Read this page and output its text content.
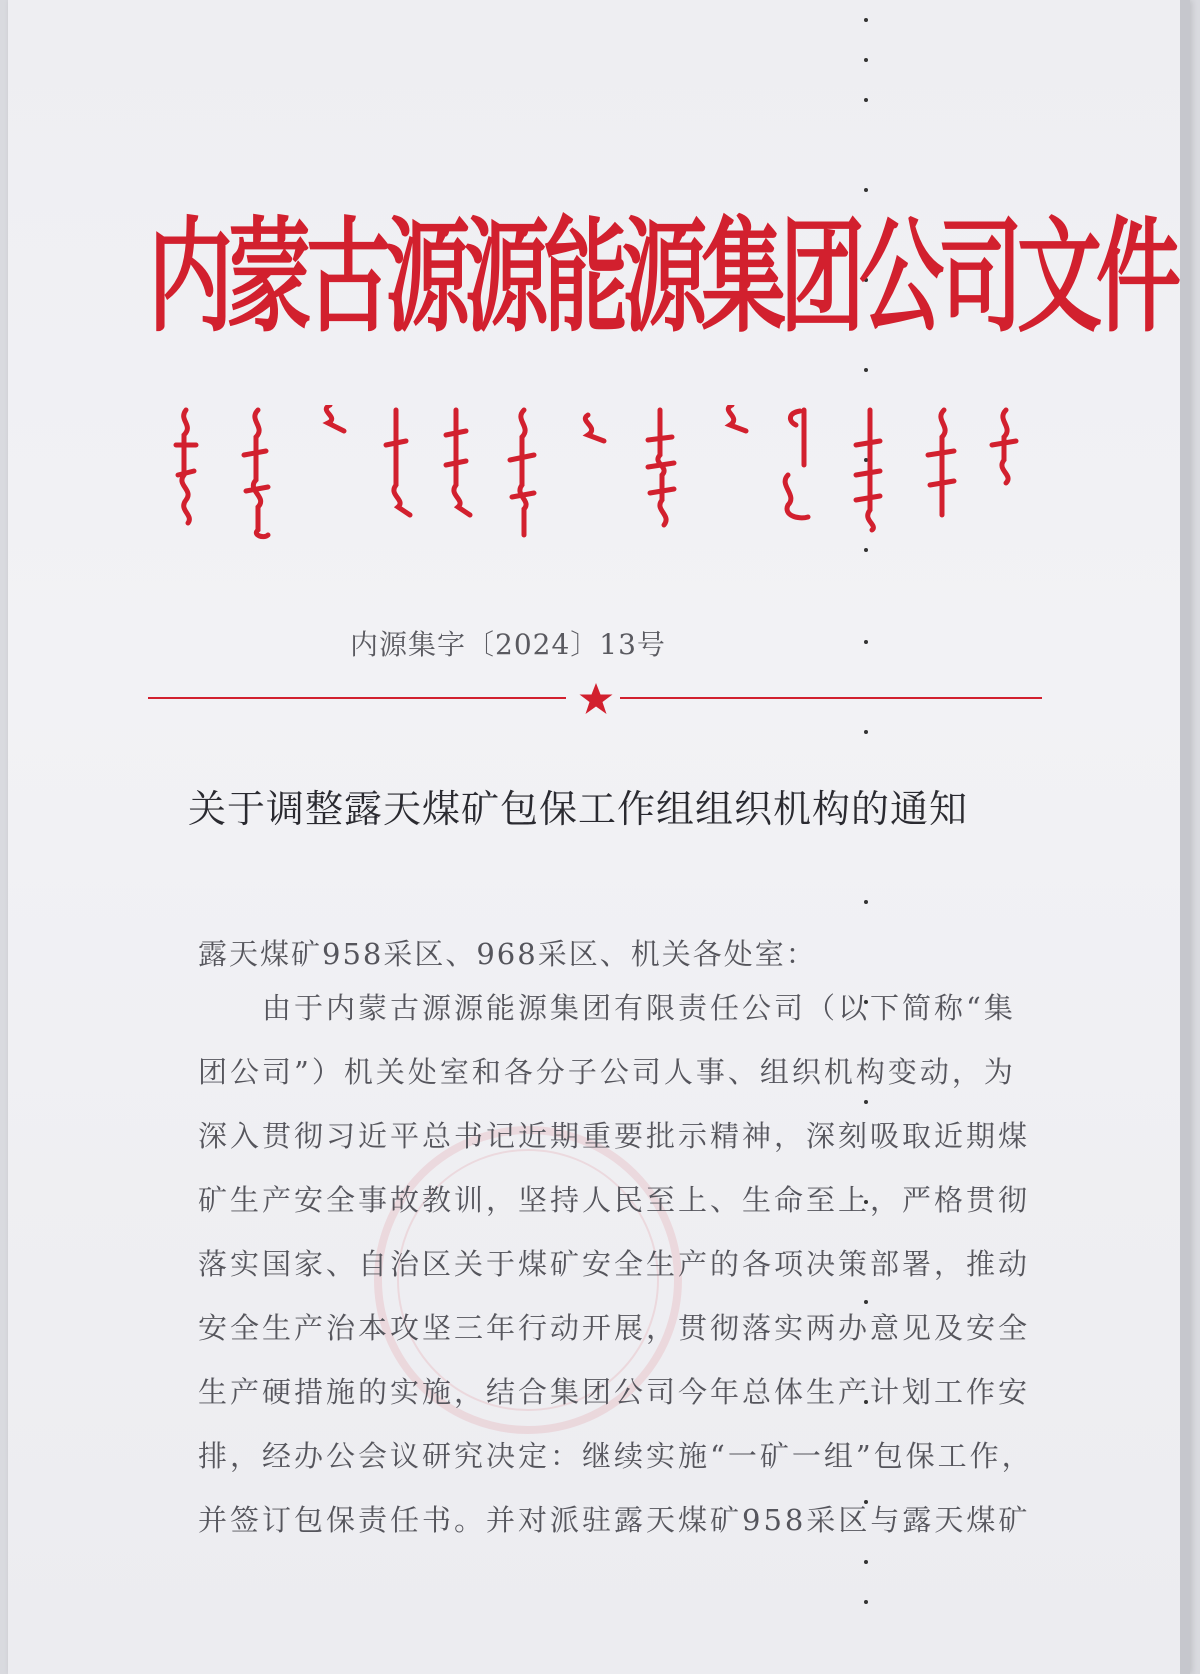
内蒙古源源能源集团公司文件
内源集字〔2024〕13号
关于调整露天煤矿包保工作组组织机构的通知
露天煤矿958采区、968采区、机关各处室：
由于内蒙古源源能源集团有限责任公司（以下简称“集
团公司”）机关处室和各分子公司人事、组织机构变动，为
深入贯彻习近平总书记近期重要批示精神，深刻吸取近期煤
矿生产安全事故教训，坚持人民至上、生命至上，严格贯彻
落实国家、自治区关于煤矿安全生产的各项决策部署，推动
安全生产治本攻坚三年行动开展，贯彻落实两办意见及安全
生产硬措施的实施，结合集团公司今年总体生产计划工作安
排，经办公会议研究决定：继续实施“一矿一组”包保工作，
并签订包保责任书。并对派驻露天煤矿958采区与露天煤矿
